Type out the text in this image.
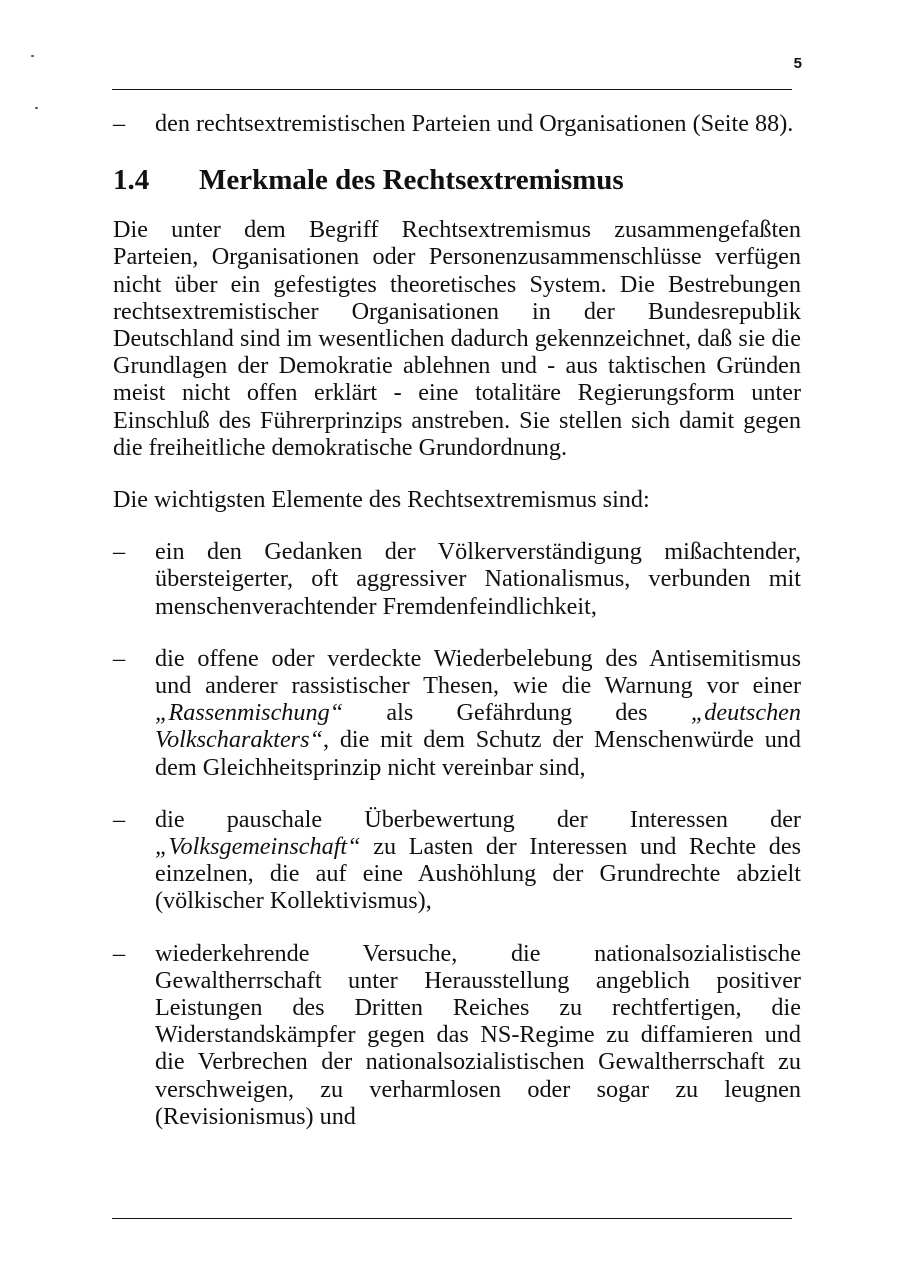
5
–	den rechtsextremistischen Parteien und Organisationen (Seite 88).
1.4	Merkmale des Rechtsextremismus

Die unter dem Begriff Rechtsextremismus zusammengefaßten Parteien, Organisationen oder Personenzusammenschlüsse verfügen nicht über ein gefestigtes theoretisches System. Die Bestrebungen rechtsextremistischer Organisationen in der Bundesrepublik Deutschland sind im wesentlichen dadurch gekennzeichnet, daß sie die Grundlagen der Demokratie ablehnen und - aus taktischen Gründen meist nicht offen erklärt - eine totalitäre Regierungsform unter Einschluß des Führerprinzips anstreben. Sie stellen sich damit gegen die freiheitliche demokratische Grundordnung.

Die wichtigsten Elemente des Rechtsextremismus sind:

–	ein den Gedanken der Völkerverständigung mißachtender, übersteigerter, oft aggressiver Nationalismus, verbunden mit menschenverachtender Fremdenfeindlichkeit,
–	die offene oder verdeckte Wiederbelebung des Antisemitismus und anderer rassistischer Thesen, wie die Warnung vor einer „Rassenmischung“ als Gefährdung des „deutschen Volkscharakters“, die mit dem Schutz der Menschenwürde und dem Gleichheitsprinzip nicht vereinbar sind,
–	die pauschale Überbewertung der Interessen der „Volksgemeinschaft“ zu Lasten der Interessen und Rechte des einzelnen, die auf eine Aushöhlung der Grundrechte abzielt (völkischer Kollektivismus),
–	wiederkehrende Versuche, die nationalsozialistische Gewaltherrschaft unter Herausstellung angeblich positiver Leistungen des Dritten Reiches zu rechtfertigen, die Widerstandskämpfer gegen das NS-Regime zu diffamieren und die Verbrechen der nationalsozialistischen Gewaltherrschaft zu verschweigen, zu verharmlosen oder sogar zu leugnen (Revisionismus) und
